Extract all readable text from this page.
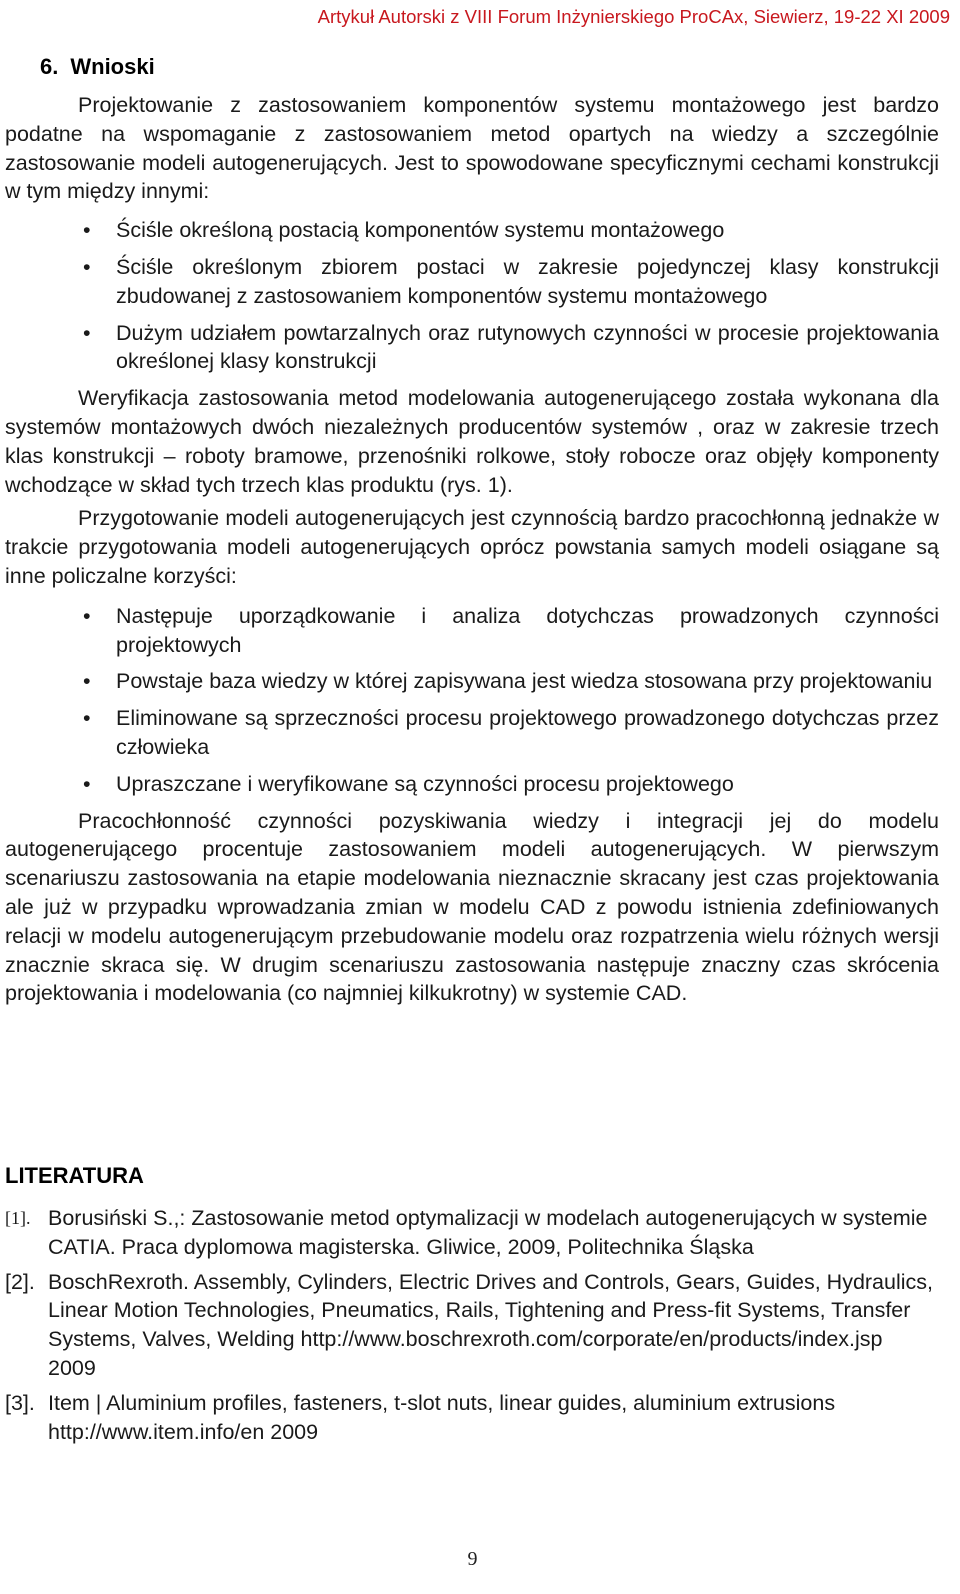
Artykuł Autorski z VIII Forum Inżynierskiego ProCAx, Siewierz, 19-22 XI 2009
6. Wnioski

Projektowanie z zastosowaniem komponentów systemu montażowego jest bardzo podatne na wspomaganie z zastosowaniem metod opartych na wiedzy a szczególnie zastosowanie modeli autogenerujących. Jest to spowodowane specyficznymi cechami konstrukcji w tym między innymi:

• Ściśle określoną postacią komponentów systemu montażowego
• Ściśle określonym zbiorem postaci w zakresie pojedynczej klasy konstrukcji zbudowanej z zastosowaniem komponentów systemu montażowego
• Dużym udziałem powtarzalnych oraz rutynowych czynności w procesie projektowania określonej klasy konstrukcji

Weryfikacja zastosowania metod modelowania autogenerującego została wykonana dla systemów montażowych dwóch niezależnych producentów systemów , oraz w zakresie trzech klas konstrukcji – roboty bramowe, przenośniki rolkowe, stoły robocze oraz objęły komponenty wchodzące w skład tych trzech klas produktu (rys. 1).

Przygotowanie modeli autogenerujących jest czynnością bardzo pracochłonną jednakże w trakcie przygotowania modeli autogenerujących oprócz powstania samych modeli osiągane są inne policzalne korzyści:

• Następuje uporządkowanie i analiza dotychczas prowadzonych czynności projektowych
• Powstaje baza wiedzy w której zapisywana jest wiedza stosowana przy projektowaniu
• Eliminowane są sprzeczności procesu projektowego prowadzonego dotychczas przez człowieka
• Upraszczane i weryfikowane są czynności procesu projektowego

Pracochłonność czynności pozyskiwania wiedzy i integracji jej do modelu autogenerującego procentuje zastosowaniem modeli autogenerujących. W pierwszym scenariuszu zastosowania na etapie modelowania nieznacznie skracany jest czas projektowania ale już w przypadku wprowadzania zmian w modelu CAD z powodu istnienia zdefiniowanych relacji w modelu autogenerującym przebudowanie modelu oraz rozpatrzenia wielu różnych wersji znacznie skraca się. W drugim scenariuszu zastosowania następuje znaczny czas skrócenia projektowania i modelowania (co najmniej kilkukrotny) w systemie CAD.

LITERATURA
[1]. Borusiński S.,: Zastosowanie metod optymalizacji w modelach autogenerujących w systemie CATIA. Praca dyplomowa magisterska. Gliwice, 2009, Politechnika Śląska
[2]. BoschRexroth. Assembly, Cylinders, Electric Drives and Controls, Gears, Guides, Hydraulics, Linear Motion Technologies, Pneumatics, Rails, Tightening and Press-fit Systems, Transfer Systems, Valves, Welding http://www.boschrexroth.com/corporate/en/products/index.jsp 2009
[3]. Item | Aluminium profiles, fasteners, t-slot nuts, linear guides, aluminium extrusions http://www.item.info/en 2009
9
